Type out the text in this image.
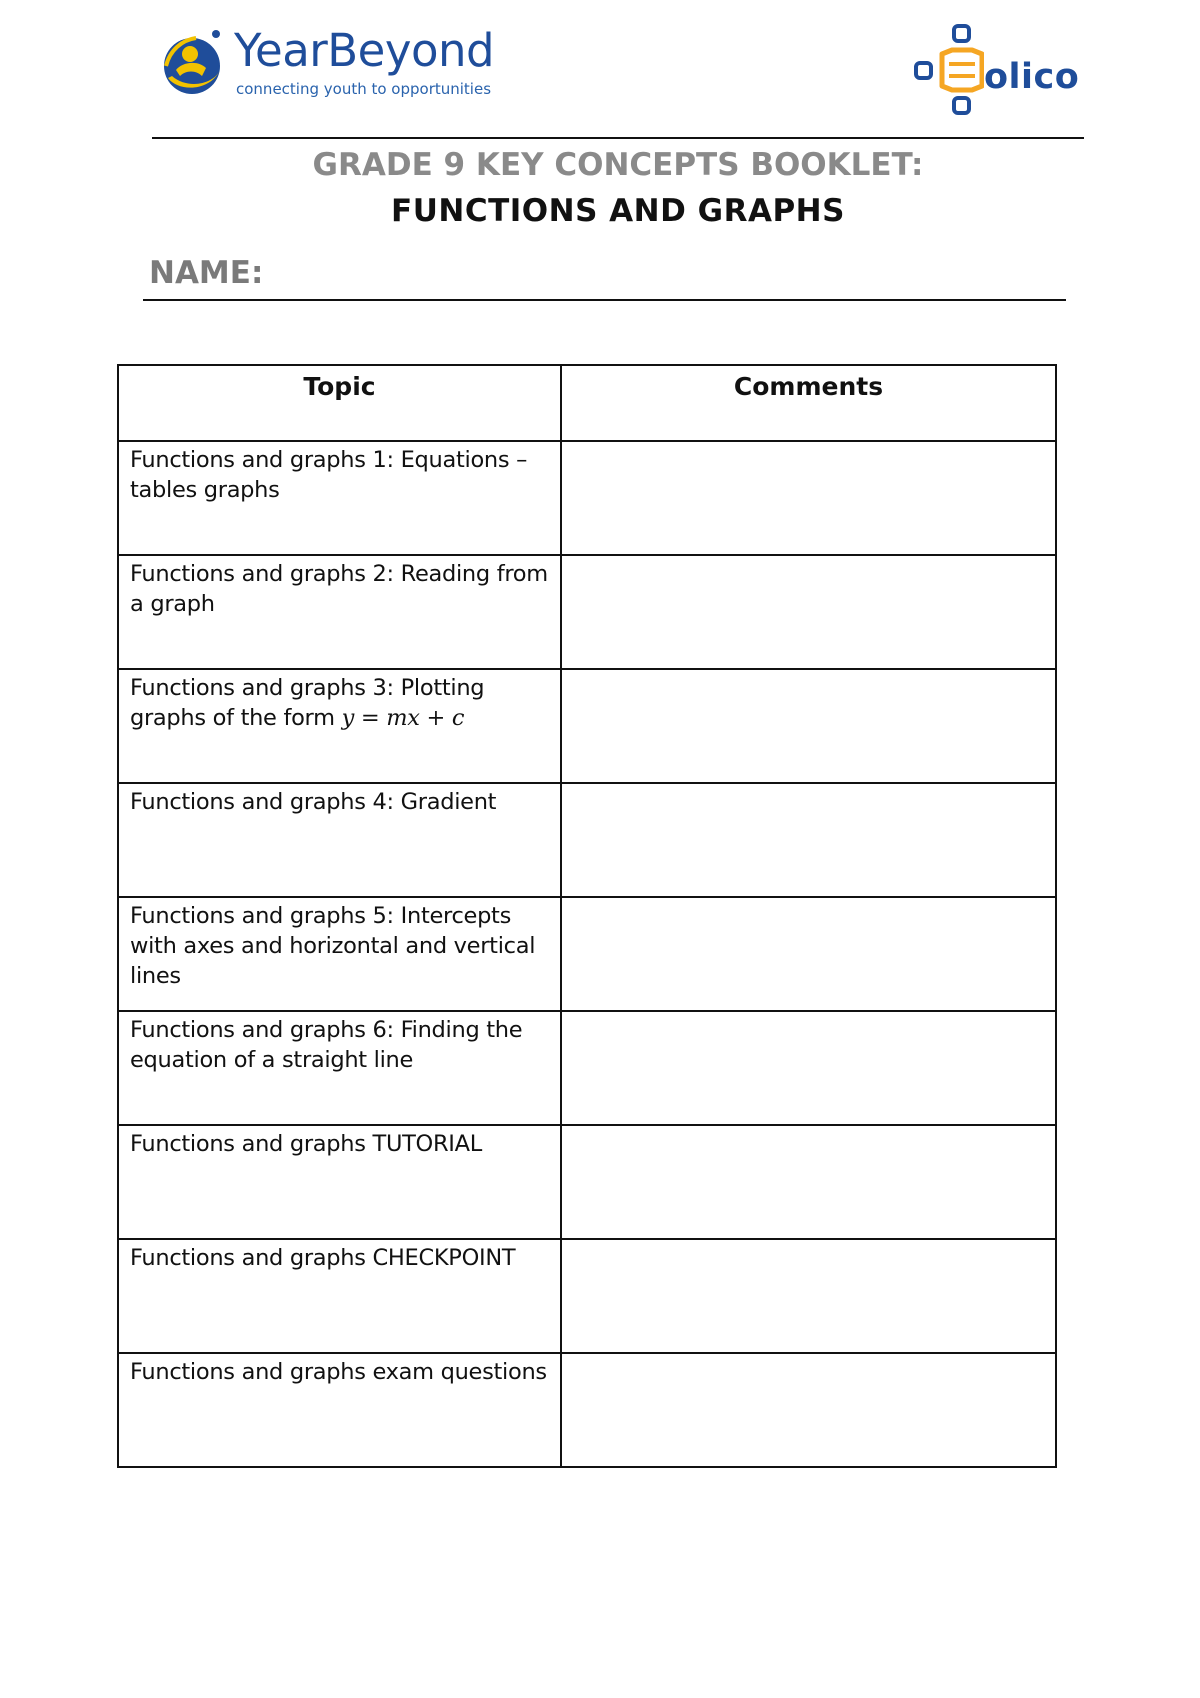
YearBeyond
connecting youth to opportunities	olico
GRADE 9 KEY CONCEPTS BOOKLET:
FUNCTIONS AND GRAPHS
NAME:
Topic	Comments
Functions and graphs 1: Equations – tables graphs	
Functions and graphs 2: Reading from a graph	
Functions and graphs 3: Plotting graphs of the form y = mx + c	
Functions and graphs 4: Gradient	
Functions and graphs 5: Intercepts with axes and horizontal and vertical lines	
Functions and graphs 6: Finding the equation of a straight line	
Functions and graphs TUTORIAL	
Functions and graphs CHECKPOINT	
Functions and graphs exam questions	
